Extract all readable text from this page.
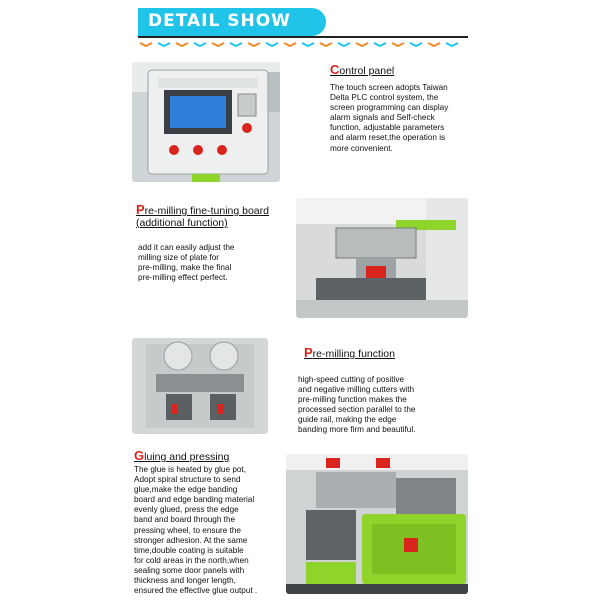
DETAIL SHOW
Control panel
The touch screen adopts Taiwan
Delta PLC control system, the
screen programming can display
alarm signals and Self-check
function, adjustable parameters
and alarm reset,the operation is
more convenient.
Pre-milling fine-tuning board
(additional function)
add it can easily adjust the
milling size of plate for
pre-milling, make the final
pre-milling effect perfect.
Pre-milling function
high-speed cutting of positive
and negative milling cutters with
pre-milling function makes the
processed section parallel to the
guide rail, making the edge
banding more firm and beautiful.
Gluing and pressing
The glue is heated by glue pot,
Adopt spiral structure to send
glue,make the edge banding
board and edge banding material
evenly glued, press the edge
band and board through the
pressing wheel, to ensure the
stronger adhesion. At the same
time,double coating is suitable
for cold areas in the north,when
sealing some door panels with
thickness and longer length,
ensured the effective glue output .
